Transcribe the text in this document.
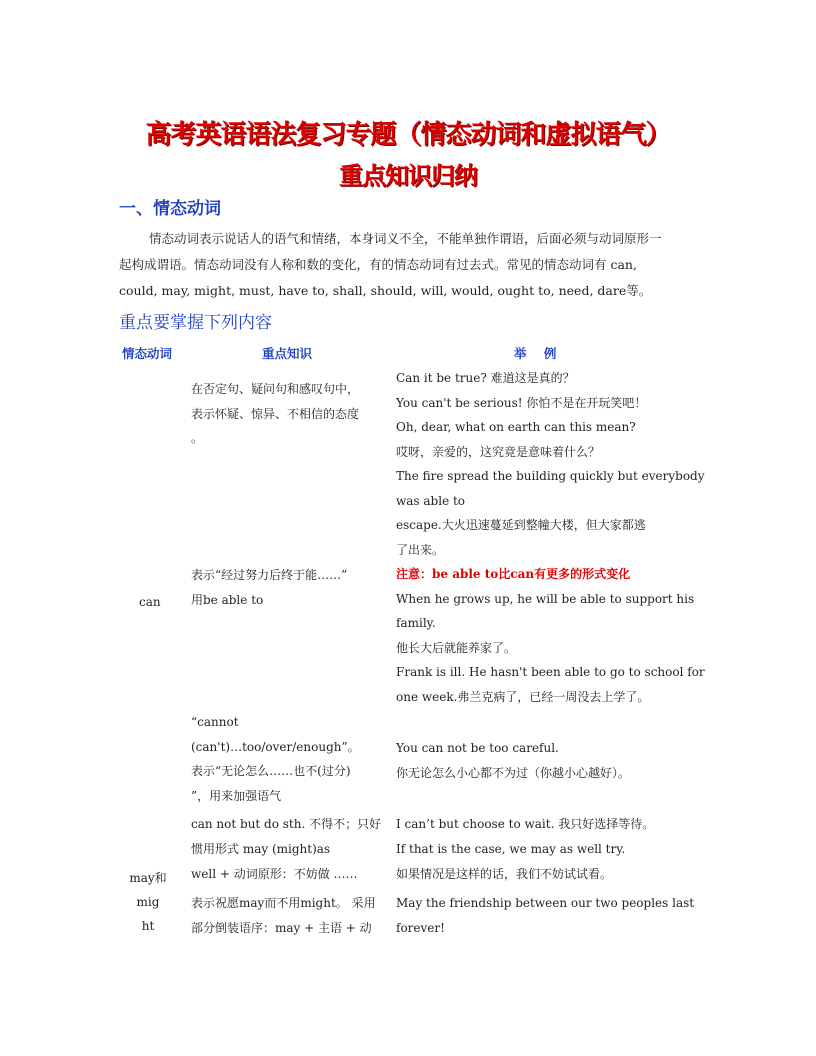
高考英语语法复习专题（情态动词和虚拟语气）
重点知识归纳
一、情态动词
情态动词表示说话人的语气和情绪，本身词义不全，不能单独作谓语，后面必须与动词原形一
起构成谓语。情态动词没有人称和数的变化，有的情态动词有过去式。常见的情态动词有 can,
could, may, might, must, have to, shall, should, will, would, ought to, need, dare等。
重点要掌握下列内容
情态动词	重点知识	举    例
can
在否定句、疑问句和感叹句中，
表示怀疑、惊异、不相信的态度
。
Can it be true? 难道这是真的？
You can't be serious! 你怕不是在开玩笑吧！
Oh, dear, what on earth can this mean?
哎呀，亲爱的，这究竟是意味着什么？
The fire spread the building quickly but everybody
was able to
escape.大火迅速蔓延到整幢大楼，但大家都逃
了出来。
注意：be able to比can有更多的形式变化
When he grows up, he will be able to support his
family.
他长大后就能养家了。
Frank is ill. He hasn't been able to go to school for
one week.弗兰克病了，已经一周没去上学了。
表示“经过努力后终于能……”
用be able to
“cannot
(can't)…too/over/enough”。
表示“无论怎么……也不(过分)
”，用来加强语气
You can not be too careful.
你无论怎么小心都不为过（你越小心越好）。
can not but do sth. 不得不；只好 I can’t but choose to wait. 我只好选择等待。
may和mig
ht
惯用形式 may (might)as
well + 动词原形：不妨做 ……
If that is the case, we may as well try.
如果情况是这样的话，我们不妨试试看。
表示祝愿may而不用might。 采用
部分倒装语序：may + 主语 + 动
May the friendship between our two peoples last
forever!
